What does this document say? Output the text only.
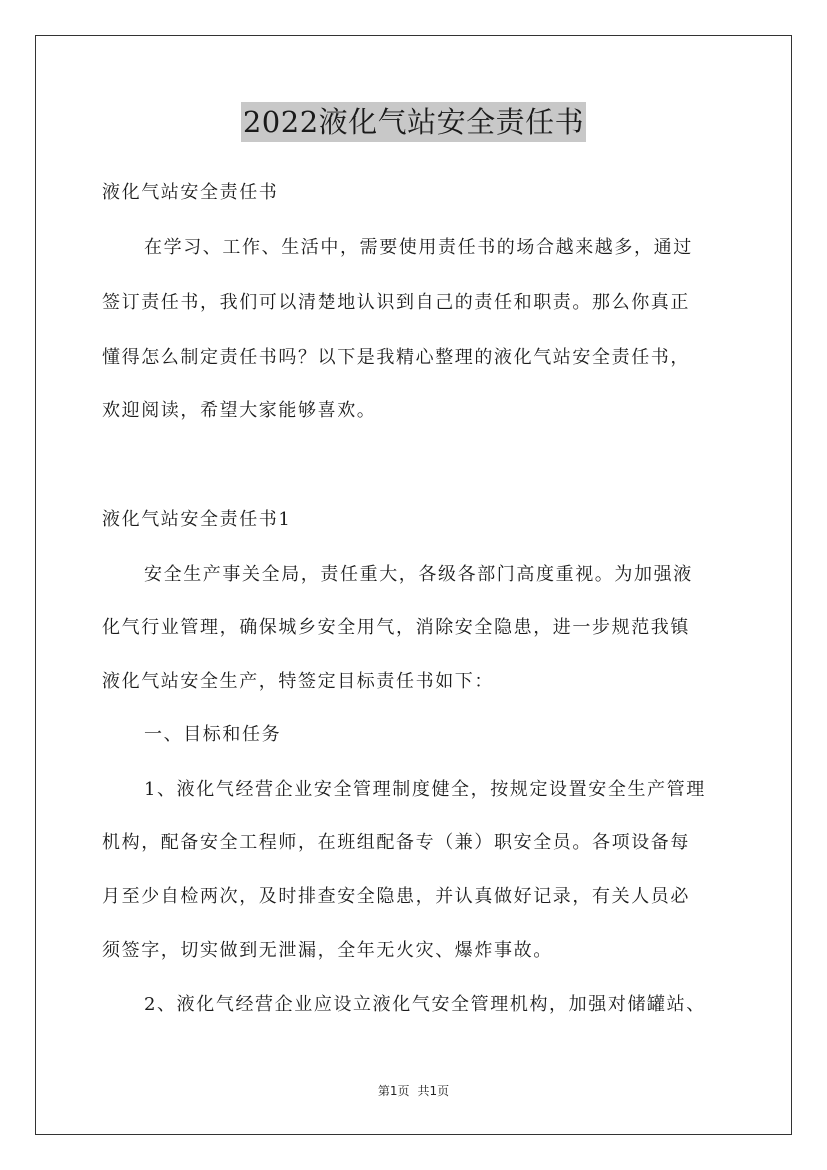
2022液化气站安全责任书
液化气站安全责任书
在学习、工作、生活中，需要使用责任书的场合越来越多，通过
签订责任书，我们可以清楚地认识到自己的责任和职责。那么你真正
懂得怎么制定责任书吗？以下是我精心整理的液化气站安全责任书，
欢迎阅读，希望大家能够喜欢。
液化气站安全责任书1
安全生产事关全局，责任重大，各级各部门高度重视。为加强液
化气行业管理，确保城乡安全用气，消除安全隐患，进一步规范我镇
液化气站安全生产，特签定目标责任书如下：
一、目标和任务
1、液化气经营企业安全管理制度健全，按规定设置安全生产管理
机构，配备安全工程师，在班组配备专（兼）职安全员。各项设备每
月至少自检两次，及时排查安全隐患，并认真做好记录，有关人员必
须签字，切实做到无泄漏，全年无火灾、爆炸事故。
2、液化气经营企业应设立液化气安全管理机构，加强对储罐站、
第1页 共1页
